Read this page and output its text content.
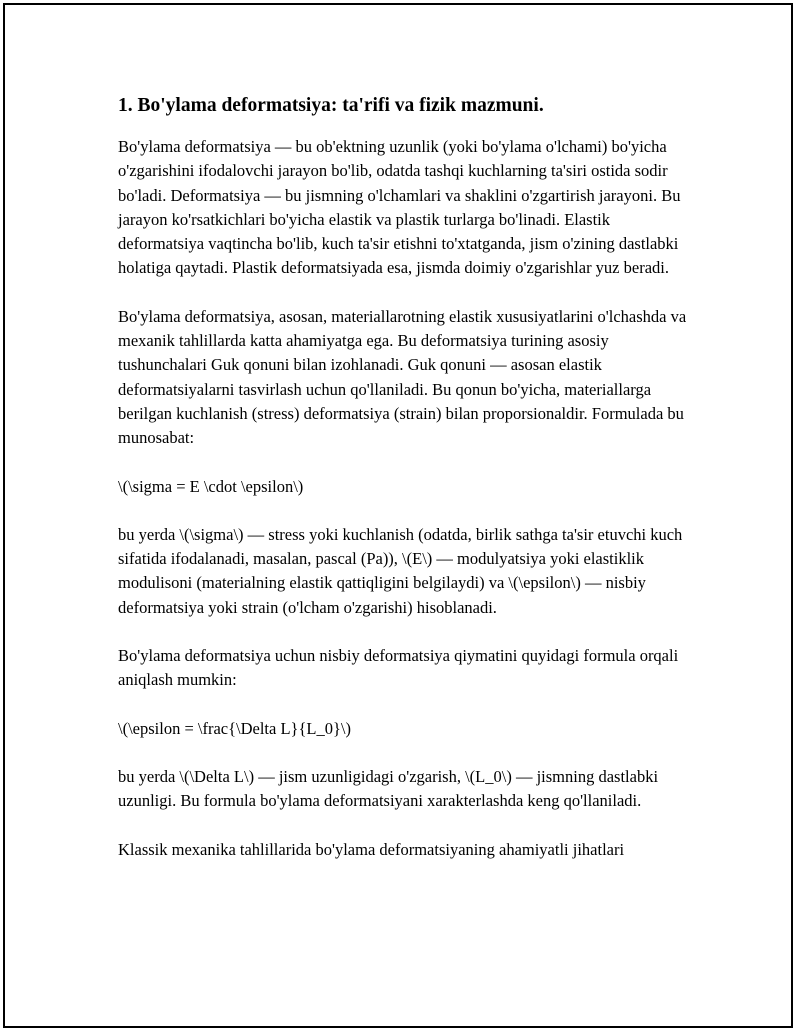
1. Bo'ylama deformatsiya: ta'rifi va fizik mazmuni.

Bo'ylama deformatsiya — bu ob'ektning uzunlik (yoki bo'ylama o'lchami) bo'yicha o'zgarishini ifodalovchi jarayon bo'lib, odatda tashqi kuchlarning ta'siri ostida sodir bo'ladi. Deformatsiya — bu jismning o'lchamlari va shaklini o'zgartirish jarayoni. Bu jarayon ko'rsatkichlari bo'yicha elastik va plastik turlarga bo'linadi. Elastik deformatsiya vaqtincha bo'lib, kuch ta'sir etishni to'xtatganda, jism o'zining dastlabki holatiga qaytadi. Plastik deformatsiyada esa, jismda doimiy o'zgarishlar yuz beradi.

Bo'ylama deformatsiya, asosan, materiallarotning elastik xususiyatlarini o'lchashda va mexanik tahlillarda katta ahamiyatga ega. Bu deformatsiya turining asosiy tushunchalari Guk qonuni bilan izohlanadi. Guk qonuni — asosan elastik deformatsiyalarni tasvirlash uchun qo'llaniladi. Bu qonun bo'yicha, materiallarga berilgan kuchlanish (stress) deformatsiya (strain) bilan proporsionaldir. Formulada bu munosabat:

\(\sigma = E \cdot \epsilon\)

bu yerda \(\sigma\) — stress yoki kuchlanish (odatda, birlik sathga ta'sir etuvchi kuch sifatida ifodalanadi, masalan, pascal (Pa)), \(E\) — modulyatsiya yoki elastiklik modulisoni (materialning elastik qattiqligini belgilaydi) va \(\epsilon\) — nisbiy deformatsiya yoki strain (o'lcham o'zgarishi) hisoblanadi.

Bo'ylama deformatsiya uchun nisbiy deformatsiya qiymatini quyidagi formula orqali aniqlash mumkin:

\(\epsilon = \frac{\Delta L}{L_0}\)

bu yerda \(\Delta L\) — jism uzunligidagi o'zgarish, \(L_0\) — jismning dastlabki uzunligi. Bu formula bo'ylama deformatsiyani xarakterlashda keng qo'llaniladi.

Klassik mexanika tahlillarida bo'ylama deformatsiyaning ahamiyatli jihatlari
